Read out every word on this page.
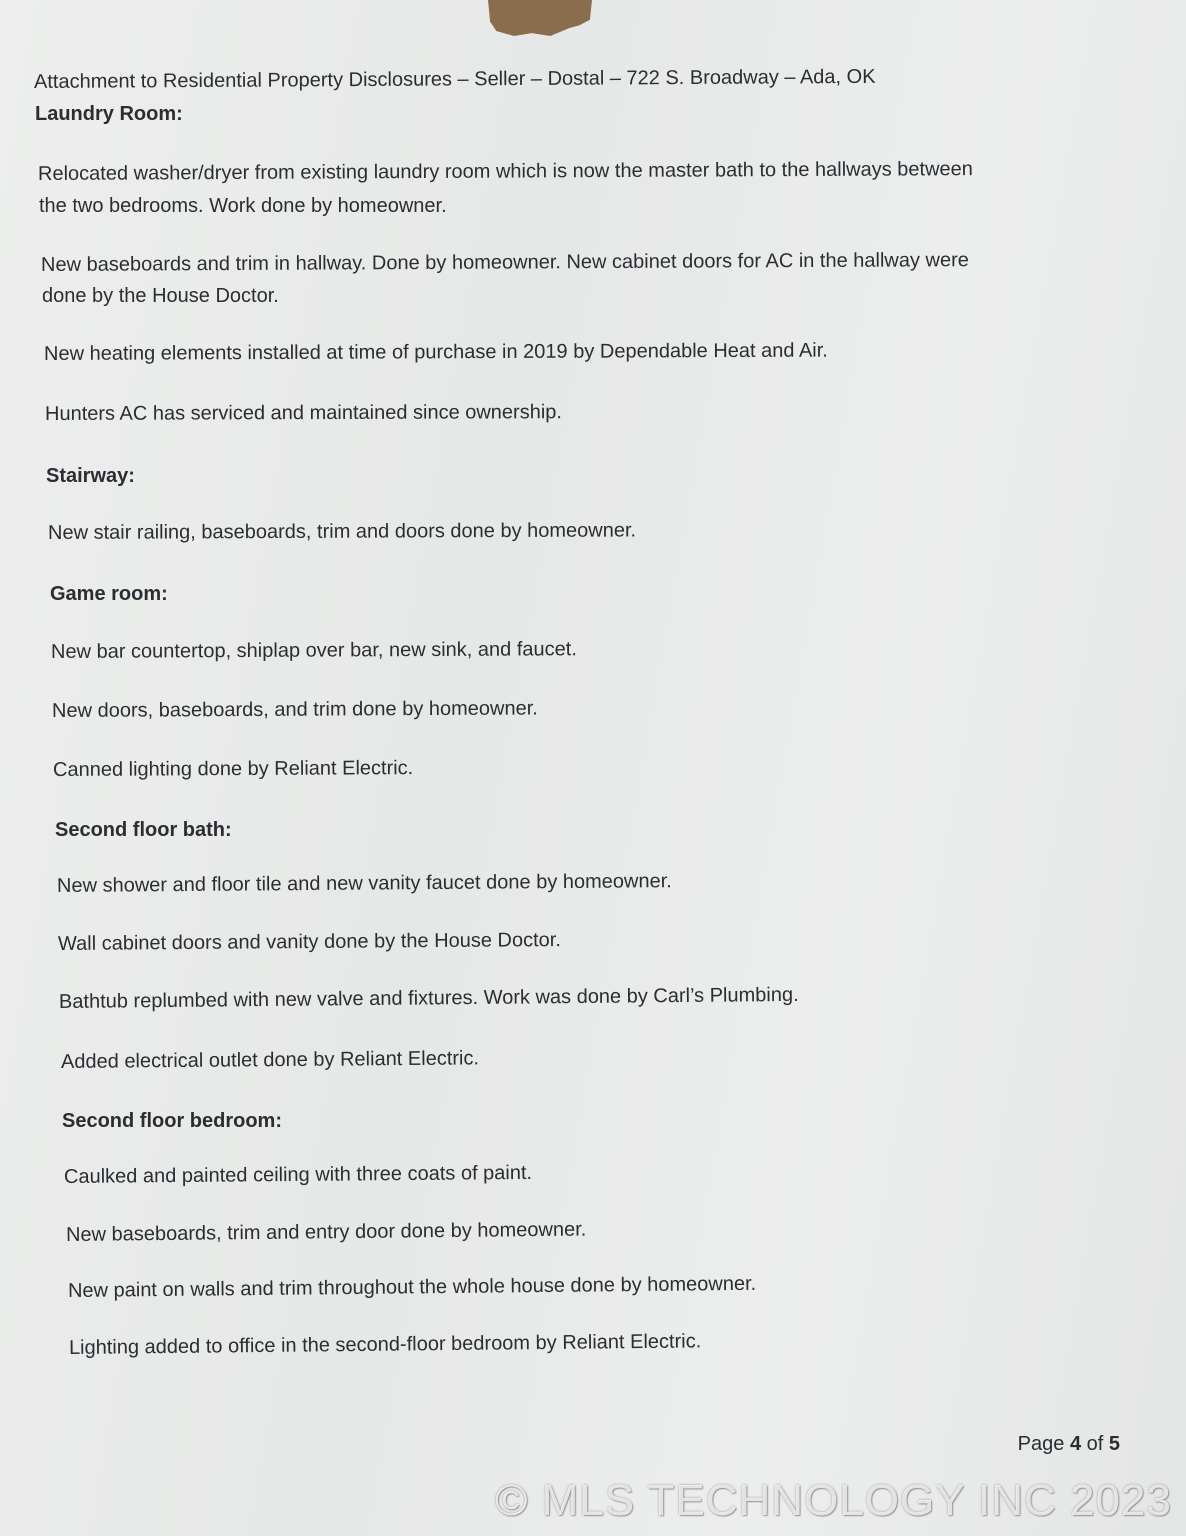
Attachment to Residential Property Disclosures – Seller – Dostal – 722 S. Broadway – Ada, OK
Laundry Room:
Relocated washer/dryer from existing laundry room which is now the master bath to the hallways between
the two bedrooms. Work done by homeowner.
New baseboards and trim in hallway. Done by homeowner. New cabinet doors for AC in the hallway were
done by the House Doctor.
New heating elements installed at time of purchase in 2019 by Dependable Heat and Air.
Hunters AC has serviced and maintained since ownership.
Stairway:
New stair railing, baseboards, trim and doors done by homeowner.
Game room:
New bar countertop, shiplap over bar, new sink, and faucet.
New doors, baseboards, and trim done by homeowner.
Canned lighting done by Reliant Electric.
Second floor bath:
New shower and floor tile and new vanity faucet done by homeowner.
Wall cabinet doors and vanity done by the House Doctor.
Bathtub replumbed with new valve and fixtures. Work was done by Carl’s Plumbing.
Added electrical outlet done by Reliant Electric.
Second floor bedroom:
Caulked and painted ceiling with three coats of paint.
New baseboards, trim and entry door done by homeowner.
New paint on walls and trim throughout the whole house done by homeowner.
Lighting added to office in the second-floor bedroom by Reliant Electric.
Page 4 of 5
© MLS TECHNOLOGY INC 2023
